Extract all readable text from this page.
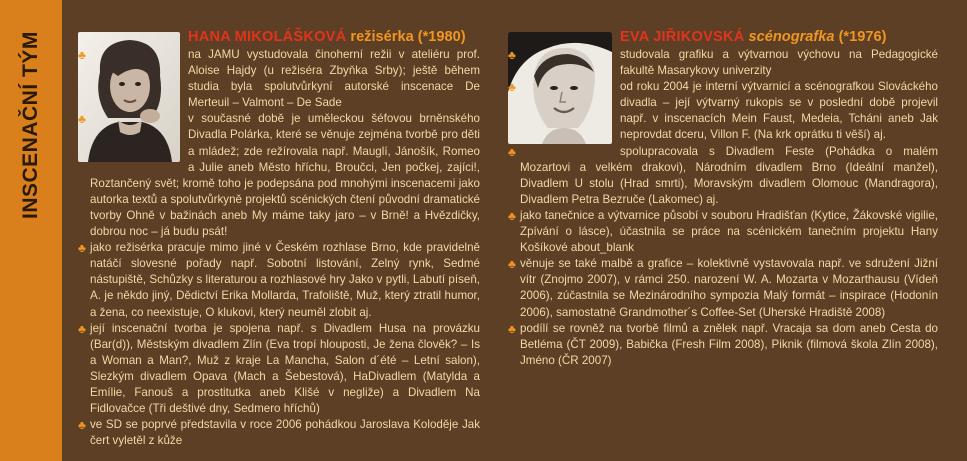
INSCENAČNÍ TÝM	HANA MIKOLÁŠKOVÁ režisérka (*1980)
♣	na JAMU vystudovala činoherní režii v ateliéru prof. Aloise Hajdy (u režiséra Zbyňka Srby); ještě během studia byla spolutvůrkyní autorské inscenace De Merteuil – Valmont – De Sade
♣	v současné době je uměleckou šéfovou brněnského Divadla Polárka, které se věnuje zejména tvorbě pro děti a mládež; zde režírovala např. Mauglí, Jánošík, Romeo a Julie aneb Město hříchu, Broučci, Jen počkej, zajíci!, Roztančený svět; kromě toho je podepsána pod mnohými inscenacemi jako autorka textů a spolutvůrkyně projektů scénických čtení původní dramatické tvorby Ohně v bažinách aneb My máme taky jaro – v Brně! a Hvězdičky, dobrou noc – já budu psát!
♣ jako režisérka pracuje mimo jiné v Českém rozhlase Brno, kde pravidelně natáčí slovesné pořady např. Sobotní listování, Zelný rynk, Sedmé nástupiště, Schůzky s literaturou a rozhlasové hry Jako v pytli, Labutí píseň, A. je někdo jiný, Dědictví Erika Mollarda, Trafoliště, Muž, který ztratil humor, a žena, co neexistuje, O klukovi, který neuměl zlobit aj.
♣ její inscenační tvorba je spojena např. s Divadlem Husa na provázku (Bar(d)), Městským divadlem Zlín (Eva tropí hlouposti, Je žena člověk? – Is a Woman a Man?, Muž z kraje La Mancha, Salon d´été – Letní salon), Slezkým divadlem Opava (Mach a Šebestová), HaDivadlem (Matylda a Emílie, Fanouš a prostitutka aneb Klišé v negliže) a Divadlem Na Fidlovačce (Tři deštivé dny, Sedmero hříchů)
♣ ve SD se poprvé představila v roce 2006 pohádkou Jaroslava Koloděje Jak čert vyletěl z kůže
EVA JIŘIKOVSKÁ scénografka (*1976)
♣	studovala grafiku a výtvarnou výchovu na Pedagogické fakultě Masarykovy univerzity
♣	od roku 2004 je interní výtvarnicí a scénografkou Slováckého divadla – její výtvarný rukopis se v poslední době projevil např. v inscenacích Mein Faust, Medeia, Tcháni aneb Jak neprovdat dceru, Villon F. (Na krk oprátku ti věší) aj.
♣	spolupracovala s Divadlem Feste (Pohádka o malém Mozartovi a velkém drakovi), Národním divadlem Brno (Ideální manžel), Divadlem U stolu (Hrad smrti), Moravským divadlem Olomouc (Mandragora), Divadlem Petra Bezruče (Lakomec) aj.
♣ jako tanečnice a výtvarnice působí v souboru Hradišťan (Kytice, Žákovské vigilie, Zpívání o lásce), účastnila se práce na scénickém tanečním projektu Hany Košíkové about_blank
♣ věnuje se také malbě a grafice – kolektivně vystavovala např. ve sdružení Jižní vítr (Znojmo 2007), v rámci 250. narození W. A. Mozarta v Mozarthausu (Vídeň 2006), zúčastnila se Mezinárodního sympozia Malý formát – inspirace (Hodonín 2006), samostatně Grandmother´s Coffee-Set (Uherské Hradiště 2008)
♣ podílí se rovněž na tvorbě filmů a znělek např. Vracaja sa dom aneb Cesta do Betléma (ČT 2009), Babička (Fresh Film 2008), Piknik (filmová škola Zlín 2008), Jméno (ČR 2007)
